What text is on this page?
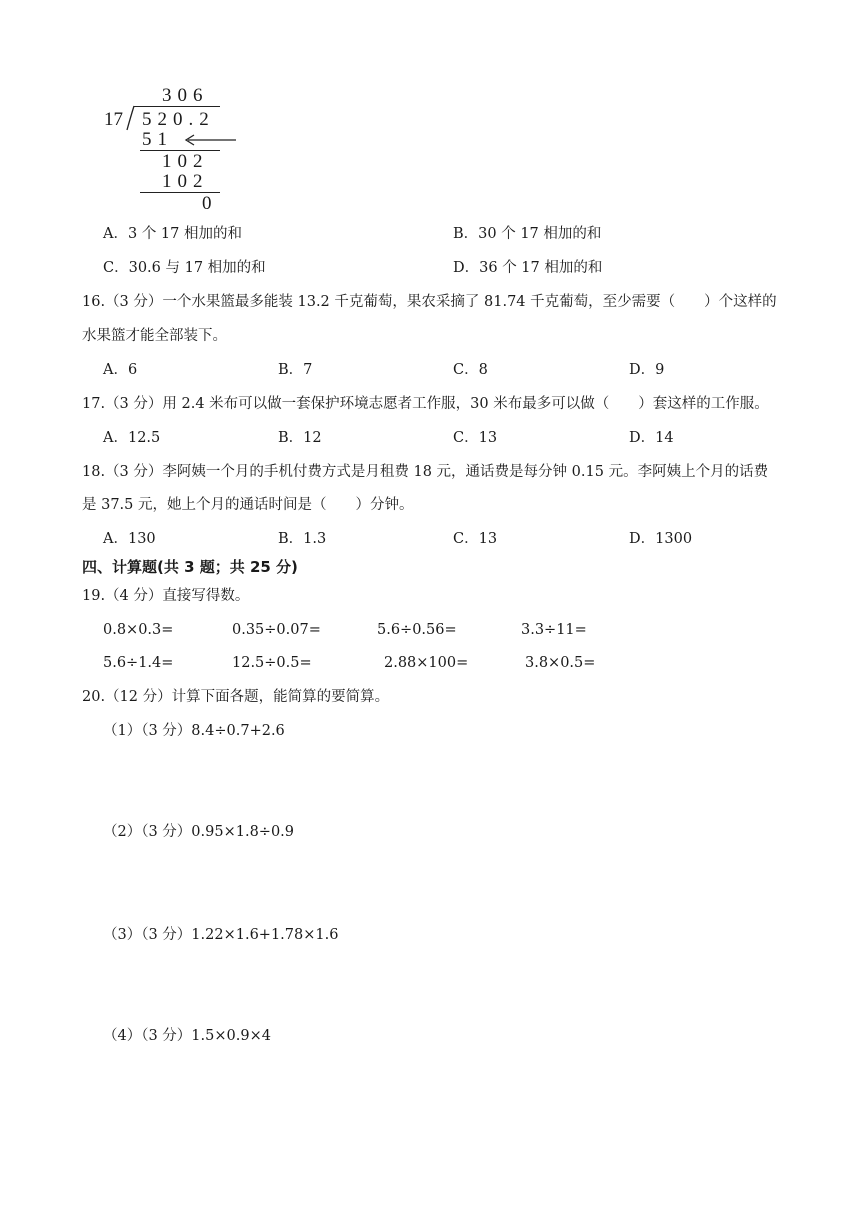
306
17 520.2
51
102
102
0
A．3 个 17 相加的和	B．30 个 17 相加的和
C．30.6 与 17 相加的和	D．36 个 17 相加的和
16.（3 分）一个水果篮最多能装 13.2 千克葡萄，果农采摘了 81.74 千克葡萄，至少需要（　　）个这样的
水果篮才能全部装下。
A．6	B．7	C．8	D．9
17.（3 分）用 2.4 米布可以做一套保护环境志愿者工作服，30 米布最多可以做（　　）套这样的工作服。
A．12.5	B．12	C．13	D．14
18.（3 分）李阿姨一个月的手机付费方式是月租费 18 元，通话费是每分钟 0.15 元。李阿姨上个月的话费
是 37.5 元，她上个月的通话时间是（　　）分钟。
A．130	B．1.3	C．13	D．1300
四、计算题(共 3 题；共 25 分)
19.（4 分）直接写得数。
0.8×0.3=	0.35÷0.07=	5.6÷0.56=	3.3÷11=
5.6÷1.4=	12.5÷0.5=	2.88×100=	3.8×0.5=
20.（12 分）计算下面各题，能简算的要简算。
（1）（3 分）8.4÷0.7+2.6
（2）（3 分）0.95×1.8÷0.9
（3）（3 分）1.22×1.6+1.78×1.6
（4）（3 分）1.5×0.9×4
